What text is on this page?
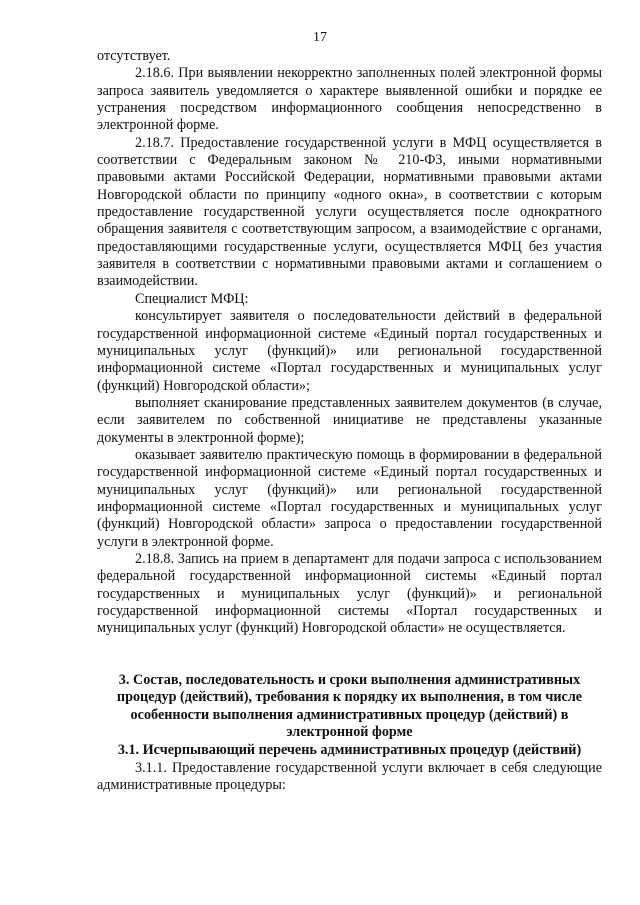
17

отсутствует.

2.18.6. При выявлении некорректно заполненных полей электронной формы запроса заявитель уведомляется о характере выявленной ошибки и порядке ее устранения посредством информационного сообщения непосредственно в электронной форме.

2.18.7. Предоставление государственной услуги в МФЦ осуществляется в соответствии с Федеральным законом № 210-ФЗ, иными нормативными правовыми актами Российской Федерации, нормативными правовыми актами Новгородской области по принципу «одного окна», в соответствии с которым предоставление государственной услуги осуществляется после однократного обращения заявителя с соответствующим запросом, а взаимодействие с органами, предоставляющими государственные услуги, осуществляется МФЦ без участия заявителя в соответствии с нормативными правовыми актами и соглашением о взаимодействии.

Специалист МФЦ:

консультирует заявителя о последовательности действий в федеральной государственной информационной системе «Единый портал государственных и муниципальных услуг (функций)» или региональной государственной информационной системе «Портал государственных и муниципальных услуг (функций) Новгородской области»;

выполняет сканирование представленных заявителем документов (в случае, если заявителем по собственной инициативе не представлены указанные документы в электронной форме);

оказывает заявителю практическую помощь в формировании в федеральной государственной информационной системе «Единый портал государственных и муниципальных услуг (функций)» или региональной государственной информационной системе «Портал государственных и муниципальных услуг (функций) Новгородской области» запроса о предоставлении государственной услуги в электронной форме.

2.18.8. Запись на прием в департамент для подачи запроса с использованием федеральной государственной информационной системы «Единый портал государственных и муниципальных услуг (функций)» и региональной государственной информационной системы «Портал государственных и муниципальных услуг (функций) Новгородской области» не осуществляется.

3. Состав, последовательность и сроки выполнения административных процедур (действий), требования к порядку их выполнения, в том числе особенности выполнения административных процедур (действий) в электронной форме

3.1. Исчерпывающий перечень административных процедур (действий)

3.1.1. Предоставление государственной услуги включает в себя следующие административные процедуры:
